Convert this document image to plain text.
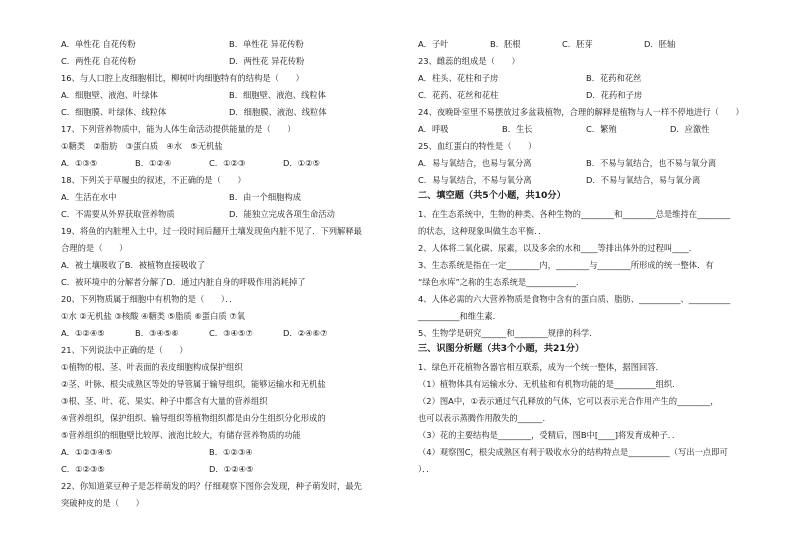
A．单性花 自花传粉	B．单性花 异花传粉
C．两性花 自花传粉	D．两性花 异花传粉
16、与人口腔上皮细胞相比，柳树叶肉细胞特有的结构是（　　）
A．细胞壁、液泡、叶绿体	B．细胞壁、液泡、线粒体
C．细胞膜、叶绿体、线粒体	D．细胞膜、液泡、线粒体
17、下列营养物质中，能为人体生命活动提供能量的是（　　）
①糖类　②脂肪　③蛋白质　④水　⑤无机盐
A．①③⑤	B．①②④	C．①②③	D．①②⑤
18、下列关于草履虫的叙述，不正确的是（　　）
A．生活在水中	B．由一个细胞构成
C．不需要从外界获取营养物质	D．能独立完成各项生命活动
19、将鱼的内脏埋入土中，过一段时间后翻开土壤发现鱼内脏不见了．下列解释最
合理的是（　　）
A．被土壤吸收了B．被植物直接吸收了
C．被环境中的分解者分解了D．通过内脏自身的呼吸作用消耗掉了
20、下列物质属于细胞中有机物的是（　　）．．
①水 ②无机盐 ③核酸 ④糖类 ⑤脂质 ⑥蛋白质 ⑦氧
A．①②④⑤	B．③④⑤⑥	C．③④⑤⑦	D．②④⑥⑦
21、下列说法中正确的是（　　）
①植物的根、茎、叶表面的表皮细胞构成保护组织
②茎、叶脉、根尖成熟区等处的导管属于输导组织，能够运输水和无机盐
③根、茎、叶、花、果实、种子中都含有大量的营养组织
④营养组织，保护组织、输导组织等植物组织都是由分生组织分化形成的
⑤营养组织的细胞壁比较厚、液泡比较大，有储存营养物质的功能
A．①②③④⑤	B．①②③④
C．①②③⑤	D．①②④⑤
22、你知道菜豆种子是怎样萌发的吗？仔细观察下图你会发现，种子萌发时，最先
突破种皮的是（　　）
A．子叶	B．胚根	C．胚芽	D．胚轴
23、雌蕊的组成是（　　）
A．柱头、花柱和子房	B．花药和花丝
C．花药、花丝和花柱	D．花药和子房
24、夜晚卧室里不易摆放过多盆栽植物，合理的解释是植物与人一样不停地进行（　　）
A．呼吸	B．生长	C．繁殖	D．应激性
25、血红蛋白的特性是（　　）
A．易与氧结合，也易与氧分离	B．不易与氧结合，也不易与氧分离
C．易与氧结合，不易与氧分离	D．不易与氧结合，易与氧分离
二、填空题（共5个小题，共10分）
1、在生态系统中，生物的种类、各种生物的________和________总是维持在________
的状态，这种现象叫做生态平衡．．
2、人体将二氧化碳、尿素，以及多余的水和____等排出体外的过程叫____．
3、生态系统是指在一定________内，________与________所形成的统一整体．有
“绿色水库”之称的生态系统是____________．
4、人体必需的六大营养物质是食物中含有的蛋白质、脂肪、__________、__________
__________和维生素．
5、生物学是研究______和________规律的科学．
三、识图分析题（共3个小题，共21分）
1、绿色开花植物各器官相互联系，成为一个统一整体，据图回答．
（1）植物体具有运输水分、无机盐和有机物功能的是__________组织．
（2）图A中，①表示通过气孔释放的气体，它可以表示光合作用产生的________，
也可以表示蒸腾作用散失的______．
（3）花的主要结构是________，受精后，图B中[____]将发育成种子．．
（4）观察图C，根尖成熟区有利于吸收水分的结构特点是__________（写出一点即可
）．．
